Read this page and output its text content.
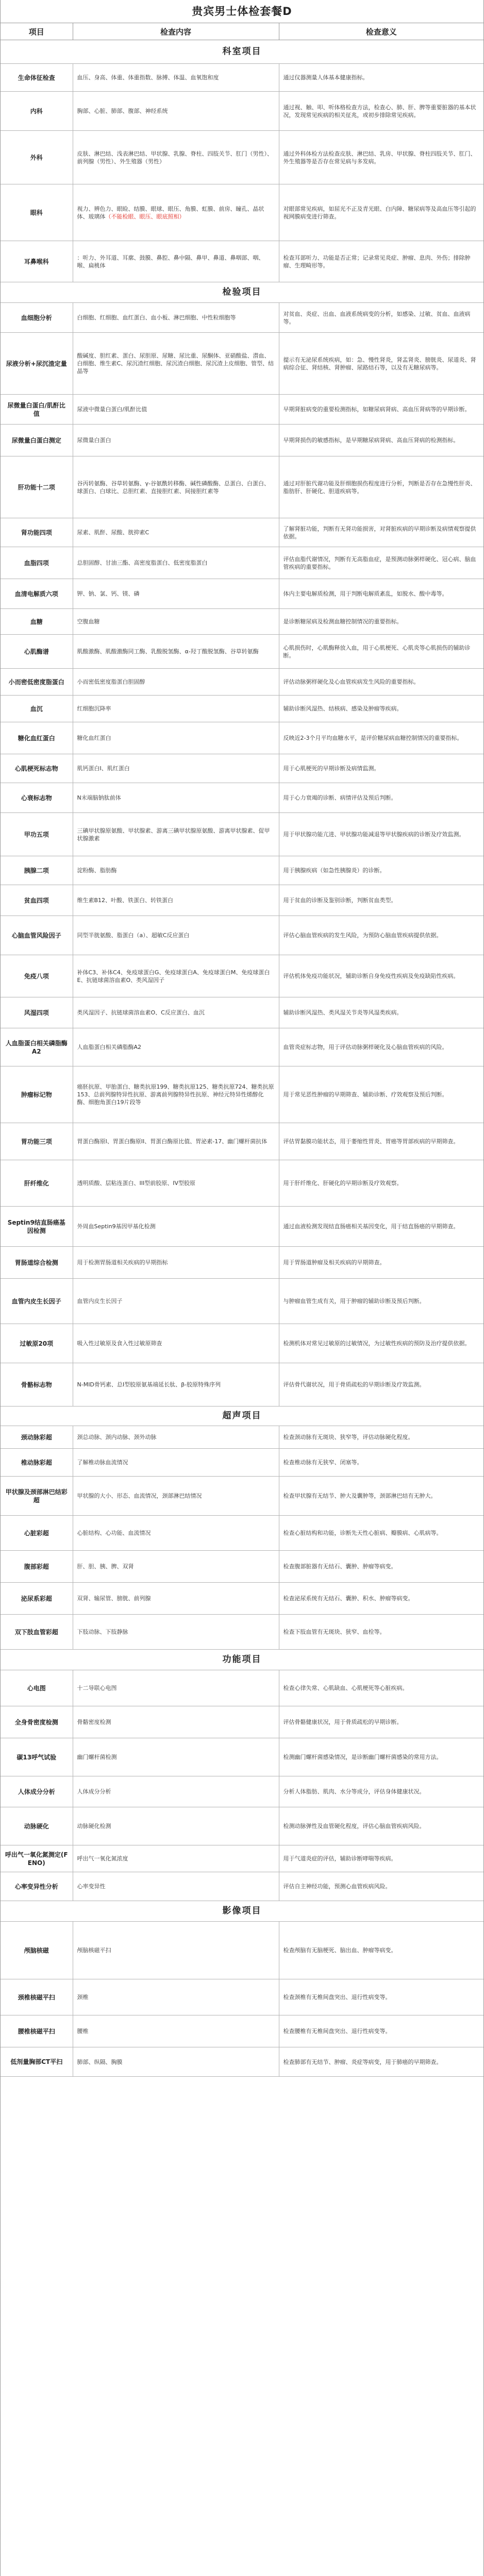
贵宾男士体检套餐D
项目	检查内容	检查意义
科室项目		
生命体征检查	血压、身高、体重、体重指数、脉搏、体温、血氧饱和度	通过仪器测量人体基本健康指标。
内科	胸部、心脏、肺部、腹部、神经系统	通过视、触、叩、听体格检查方法，检查心、肺、肝、脾等重要脏器的基本状况，发现常见疾病的相关征兆，或初步排除常见疾病。
外科	皮肤、淋巴结、浅表淋巴结、甲状腺、乳腺、脊柱、四肢关节、肛门（男性）、前列腺（男性）、外生殖器（男性）	通过外科体检方法检查皮肤、淋巴结、乳房、甲状腺、脊柱四肢关节、肛门、外生殖器等是否存在常见病与多发病。
眼科	视力、辨色力、眼睑、结膜、眼球、眼压、角膜、虹膜、前房、瞳孔、晶状体、玻璃体（不能检眼、眼压、眼底照相）	对眼部常见疾病，如屈光不正及青光眼、白内障、糖尿病等及高血压等引起的视网膜病变进行筛查。
耳鼻喉科	：听力、外耳道、耳廓、鼓膜、鼻腔、鼻中隔、鼻甲、鼻道、鼻咽部、咽、喉、扁桃体	检查耳部听力、功能是否正常；记录常见炎症、肿瘤、息肉、外伤；排除肿瘤、生理畸形等。
检验项目		
血细胞分析	白细胞、红细胞、血红蛋白、血小板、淋巴细胞、中性粒细胞等	对贫血、炎症、出血、血液系统病变的分析，如感染、过敏、贫血、血液病等。
尿液分析+尿沉渣定量	酸碱度、胆红素、蛋白、尿胆原、尿糖、尿比重、尿酮体、亚硝酸盐、潜血、白细胞、维生素C、尿沉渣红细胞、尿沉渣白细胞、尿沉渣上皮细胞、管型、结晶等	提示有无泌尿系统疾病，如：急、慢性肾炎，肾盂肾炎、膀胱炎、尿道炎、肾病综合征、肾结核、肾肿瘤、尿路结石等，以及有无糖尿病等。
尿微量白蛋白/肌酐比值	尿液中微量白蛋白/肌酐比值	早期肾脏病变的重要检测指标，如糖尿病肾病、高血压肾病等的早期诊断。
尿微量白蛋白测定	尿微量白蛋白	早期肾损伤的敏感指标，是早期糖尿病肾病、高血压肾病的检测指标。
肝功能十二项	谷丙转氨酶、谷草转氨酶、γ-谷氨酰转移酶、碱性磷酸酶、总蛋白、白蛋白、球蛋白、白球比、总胆红素、直接胆红素、间接胆红素等	通过对肝脏代谢功能及肝细胞损伤程度进行分析，判断是否存在急慢性肝炎、脂肪肝、肝硬化、胆道疾病等。
肾功能四项	尿素、肌酐、尿酸、胱抑素C	了解肾脏功能，判断有无肾功能损害，对肾脏疾病的早期诊断及病情观察提供依据。
血脂四项	总胆固醇、甘油三酯、高密度脂蛋白、低密度脂蛋白	评估血脂代谢情况，判断有无高脂血症，是预测动脉粥样硬化、冠心病、脑血管疾病的重要指标。
血清电解质六项	钾、钠、氯、钙、镁、磷	体内主要电解质检测，用于判断电解质紊乱，如脱水、酸中毒等。
血糖	空腹血糖	是诊断糖尿病及检测血糖控制情况的重要指标。
心肌酶谱	肌酸激酶、肌酸激酶同工酶、乳酸脱氢酶、α-羟丁酸脱氢酶、谷草转氨酶	心肌损伤时，心肌酶释放入血，用于心肌梗死、心肌炎等心肌损伤的辅助诊断。
小而密低密度脂蛋白	小而密低密度脂蛋白胆固醇	评估动脉粥样硬化及心血管疾病发生风险的重要指标。
血沉	红细胞沉降率	辅助诊断风湿热、结核病、感染及肿瘤等疾病。
糖化血红蛋白	糖化血红蛋白	反映近2-3个月平均血糖水平，是评价糖尿病血糖控制情况的重要指标。
心肌梗死标志物	肌钙蛋白I、肌红蛋白	用于心肌梗死的早期诊断及病情监测。
心衰标志物	N末端脑钠肽前体	用于心力衰竭的诊断、病情评估及预后判断。
甲功五项	三碘甲状腺原氨酸、甲状腺素、游离三碘甲状腺原氨酸、游离甲状腺素、促甲状腺激素	用于甲状腺功能亢进、甲状腺功能减退等甲状腺疾病的诊断及疗效监测。
胰腺二项	淀粉酶、脂肪酶	用于胰腺疾病（如急性胰腺炎）的诊断。
贫血四项	维生素B12、叶酸、铁蛋白、转铁蛋白	用于贫血的诊断及鉴别诊断，判断贫血类型。
心脑血管风险因子	同型半胱氨酸、脂蛋白（a）、超敏C反应蛋白	评估心脑血管疾病的发生风险，为预防心脑血管疾病提供依据。
免疫八项	补体C3、补体C4、免疫球蛋白G、免疫球蛋白A、免疫球蛋白M、免疫球蛋白E、抗链球菌溶血素O、类风湿因子	评估机体免疫功能状况，辅助诊断自身免疫性疾病及免疫缺陷性疾病。
风湿四项	类风湿因子、抗链球菌溶血素O、C反应蛋白、血沉	辅助诊断风湿热、类风湿关节炎等风湿类疾病。
人血脂蛋白相关磷脂酶A2	人血脂蛋白相关磷脂酶A2	血管炎症标志物，用于评估动脉粥样硬化及心脑血管疾病的风险。
肿瘤标记物	癌胚抗原、甲胎蛋白、糖类抗原199、糖类抗原125、糖类抗原724、糖类抗原153、总前列腺特异性抗原、游离前列腺特异性抗原、神经元特异性烯醇化酶、细胞角蛋白19片段等	用于常见恶性肿瘤的早期筛查、辅助诊断、疗效观察及预后判断。
胃功能三项	胃蛋白酶原I、胃蛋白酶原II、胃蛋白酶原比值、胃泌素-17、幽门螺杆菌抗体	评估胃黏膜功能状态，用于萎缩性胃炎、胃癌等胃部疾病的早期筛查。
肝纤维化	透明质酸、层粘连蛋白、III型前胶原、IV型胶原	用于肝纤维化、肝硬化的早期诊断及疗效观察。
Septin9结直肠癌基因检测	外周血Septin9基因甲基化检测	通过血液检测发现结直肠癌相关基因变化，用于结直肠癌的早期筛查。
胃肠道综合检测	用于检测胃肠道相关疾病的早期指标	用于胃肠道肿瘤及相关疾病的早期筛查。
血管内皮生长因子	血管内皮生长因子	与肿瘤血管生成有关，用于肿瘤的辅助诊断及预后判断。
过敏原20项	吸入性过敏原及食入性过敏原筛查	检测机体对常见过敏原的过敏情况，为过敏性疾病的预防及治疗提供依据。
骨骼标志物	N-MID骨钙素、总I型胶原氨基端延长肽、β-胶原特殊序列	评估骨代谢状况，用于骨质疏松的早期诊断及疗效监测。
超声项目		
颈动脉彩超	颈总动脉、颈内动脉、颈外动脉	检查颈动脉有无斑块、狭窄等，评估动脉硬化程度。
椎动脉彩超	了解椎动脉血流情况	检查椎动脉有无狭窄、闭塞等。
甲状腺及颈部淋巴结彩超	甲状腺的大小、形态、血流情况，颈部淋巴结情况	检查甲状腺有无结节、肿大及囊肿等，颈部淋巴结有无肿大。
心脏彩超	心脏结构、心功能、血流情况	检查心脏结构和功能，诊断先天性心脏病、瓣膜病、心肌病等。
腹部彩超	肝、胆、胰、脾、双肾	检查腹部脏器有无结石、囊肿、肿瘤等病变。
泌尿系彩超	双肾、输尿管、膀胱、前列腺	检查泌尿系统有无结石、囊肿、积水、肿瘤等病变。
双下肢血管彩超	下肢动脉、下肢静脉	检查下肢血管有无斑块、狭窄、血栓等。
功能项目		
心电图	十二导联心电图	检查心律失常、心肌缺血、心肌梗死等心脏疾病。
全身骨密度检测	骨骼密度检测	评估骨骼健康状况，用于骨质疏松的早期诊断。
碳13呼气试验	幽门螺杆菌检测	检测幽门螺杆菌感染情况，是诊断幽门螺杆菌感染的常用方法。
人体成分分析	人体成分分析	分析人体脂肪、肌肉、水分等成分，评估身体健康状况。
动脉硬化	动脉硬化检测	检测动脉弹性及血管硬化程度，评估心脑血管疾病风险。
呼出气一氧化氮测定(FENO)	呼出气一氧化氮浓度	用于气道炎症的评估，辅助诊断哮喘等疾病。
心率变异性分析	心率变异性	评估自主神经功能，预测心血管疾病风险。
影像项目		
颅脑核磁	颅脑核磁平扫	检查颅脑有无脑梗死、脑出血、肿瘤等病变。
颈椎核磁平扫	颈椎	检查颈椎有无椎间盘突出、退行性病变等。
腰椎核磁平扫	腰椎	检查腰椎有无椎间盘突出、退行性病变等。
低剂量胸部CT平扫	肺部、纵隔、胸膜	检查肺部有无结节、肿瘤、炎症等病变，用于肺癌的早期筛查。
